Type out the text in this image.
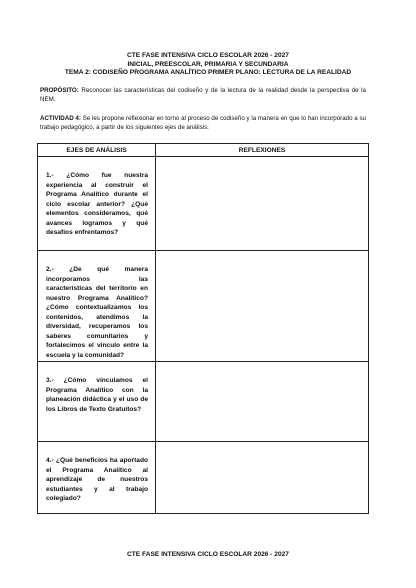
CTE FASE INTENSIVA CICLO ESCOLAR 2026 - 2027
INICIAL, PREESCOLAR, PRIMARIA Y SECUNDARIA
TEMA 2: CODISEÑO PROGRAMA ANALÍTICO PRIMER PLANO: LECTURA DE LA REALIDAD
PROPÓSITO: Reconocer las características del codiseño y de la lectura de la realidad desde la perspectiva de la NEM.
ACTIVIDAD 4: Se les propone reflexionar en torno al proceso de codiseño y la manera en que lo han incorporado a su trabajo pedagógico, a partir de los siguientes ejes de análisis:
EJES DE ANÁLISIS	REFLEXIONES

1.- ¿Cómo fue nuestra experiencia al construir el Programa Analítico durante el ciclo escolar anterior? ¿Qué elementos consideramos, qué avances logramos y qué desafíos enfrentamos?	

2.- ¿De qué manera incorporamos las características del territorio en nuestro Programa Analítico? ¿Cómo contextualizamos los contenidos, atendimos la diversidad, recuperamos los saberes comunitarios y fortalecimos el vínculo entre la escuela y la comunidad?	

3.- ¿Cómo vinculamos el Programa Analítico con la planeación didáctica y el uso de los Libros de Texto Gratuitos?	

4.- ¿Qué beneficios ha aportado el Programa Analítico al aprendizaje de nuestros estudiantes y al trabajo colegiado?	

CTE FASE INTENSIVA CICLO ESCOLAR 2026 - 2027
